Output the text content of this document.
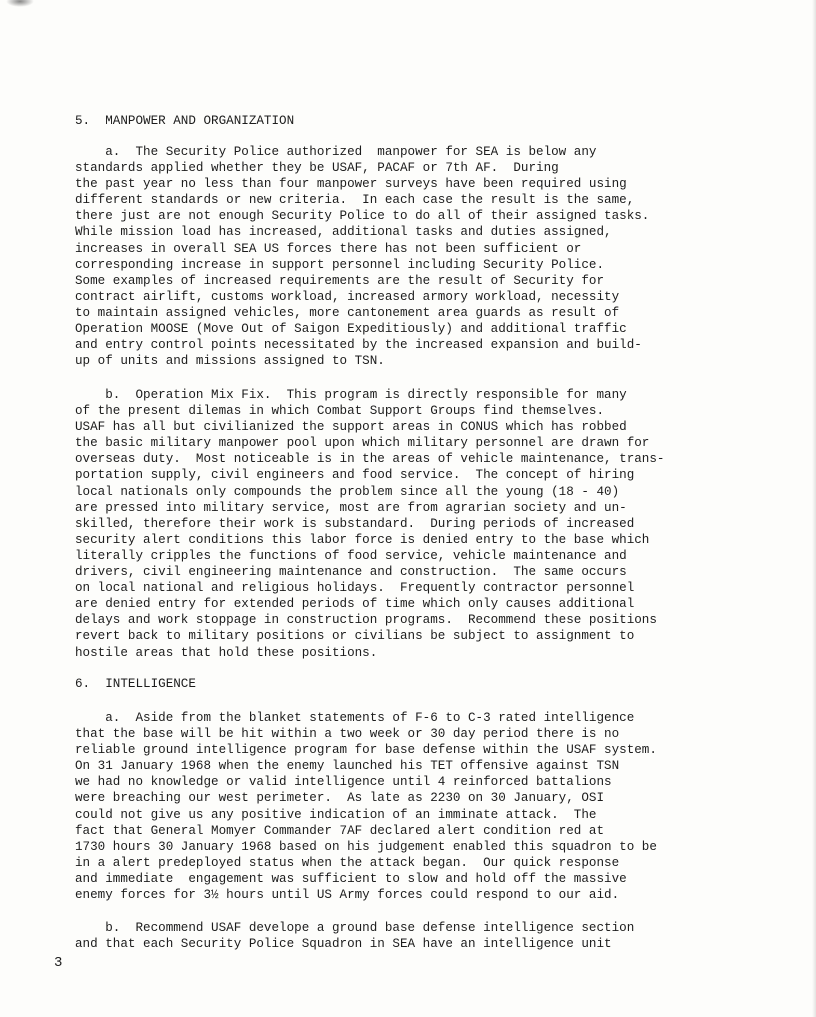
5.  MANPOWER AND ORGANIZATION
a.  The Security Police authorized  manpower for SEA is below any
standards applied whether they be USAF, PACAF or 7th AF.  During
the past year no less than four manpower surveys have been required using
different standards or new criteria.  In each case the result is the same,
there just are not enough Security Police to do all of their assigned tasks.
While mission load has increased, additional tasks and duties assigned,
increases in overall SEA US forces there has not been sufficient or
corresponding increase in support personnel including Security Police.
Some examples of increased requirements are the result of Security for
contract airlift, customs workload, increased armory workload, necessity
to maintain assigned vehicles, more cantonement area guards as result of
Operation MOOSE (Move Out of Saigon Expeditiously) and additional traffic
and entry control points necessitated by the increased expansion and build-
up of units and missions assigned to TSN.
b.  Operation Mix Fix.  This program is directly responsible for many
of the present dilemas in which Combat Support Groups find themselves.
USAF has all but civilianized the support areas in CONUS which has robbed
the basic military manpower pool upon which military personnel are drawn for
overseas duty.  Most noticeable is in the areas of vehicle maintenance, trans-
portation supply, civil engineers and food service.  The concept of hiring
local nationals only compounds the problem since all the young (18 - 40)
are pressed into military service, most are from agrarian society and un-
skilled, therefore their work is substandard.  During periods of increased
security alert conditions this labor force is denied entry to the base which
literally cripples the functions of food service, vehicle maintenance and
drivers, civil engineering maintenance and construction.  The same occurs
on local national and religious holidays.  Frequently contractor personnel
are denied entry for extended periods of time which only causes additional
delays and work stoppage in construction programs.  Recommend these positions
revert back to military positions or civilians be subject to assignment to
hostile areas that hold these positions.
6.  INTELLIGENCE
a.  Aside from the blanket statements of F-6 to C-3 rated intelligence
that the base will be hit within a two week or 30 day period there is no
reliable ground intelligence program for base defense within the USAF system.
On 31 January 1968 when the enemy launched his TET offensive against TSN
we had no knowledge or valid intelligence until 4 reinforced battalions
were breaching our west perimeter.  As late as 2230 on 30 January, OSI
could not give us any positive indication of an imminate attack.  The
fact that General Momyer Commander 7AF declared alert condition red at
1730 hours 30 January 1968 based on his judgement enabled this squadron to be
in a alert predeployed status when the attack began.  Our quick response
and immediate  engagement was sufficient to slow and hold off the massive
enemy forces for 3½ hours until US Army forces could respond to our aid.
b.  Recommend USAF develope a ground base defense intelligence section
and that each Security Police Squadron in SEA have an intelligence unit
3
